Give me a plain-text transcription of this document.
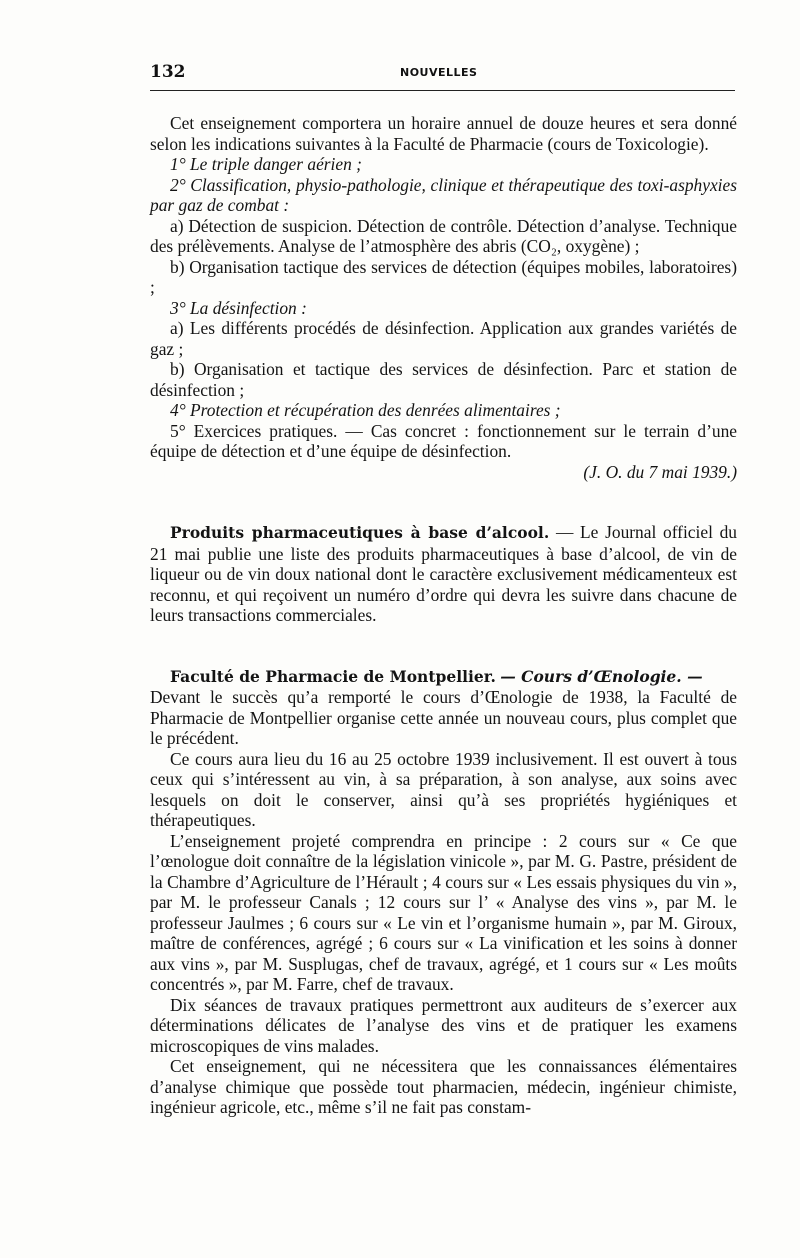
132	NOUVELLES

Cet enseignement comportera un horaire annuel de douze heures et sera donné selon les indications suivantes à la Faculté de Pharmacie (cours de Toxicologie).

1° Le triple danger aérien ;

2° Classification, physio-pathologie, clinique et thérapeutique des toxi-asphyxies par gaz de combat :

a) Détection de suspicion. Détection de contrôle. Détection d’analyse. Technique des prélèvements. Analyse de l’atmosphère des abris (CO₂, oxygène) ;

b) Organisation tactique des services de détection (équipes mobiles, laboratoires) ;

3° La désinfection :

a) Les différents procédés de désinfection. Application aux grandes variétés de gaz ;

b) Organisation et tactique des services de désinfection. Parc et station de désinfection ;

4° Protection et récupération des denrées alimentaires ;

5° Exercices pratiques. — Cas concret : fonctionnement sur le terrain d’une équipe de détection et d’une équipe de désinfection.

(J. O. du 7 mai 1939.)

Produits pharmaceutiques à base d’alcool. — Le Journal officiel du 21 mai publie une liste des produits pharmaceutiques à base d’alcool, de vin de liqueur ou de vin doux national dont le caractère exclusivement médicamenteux est reconnu, et qui reçoivent un numéro d’ordre qui devra les suivre dans chacune de leurs transactions commerciales.

Faculté de Pharmacie de Montpellier. — Cours d’Œnologie. —

Devant le succès qu’a remporté le cours d’Œnologie de 1938, la Faculté de Pharmacie de Montpellier organise cette année un nouveau cours, plus complet que le précédent.

Ce cours aura lieu du 16 au 25 octobre 1939 inclusivement. Il est ouvert à tous ceux qui s’intéressent au vin, à sa préparation, à son analyse, aux soins avec lesquels on doit le conserver, ainsi qu’à ses propriétés hygiéniques et thérapeutiques.

L’enseignement projeté comprendra en principe : 2 cours sur « Ce que l’œnologue doit connaître de la législation vinicole », par M. G. Pastre, président de la Chambre d’Agriculture de l’Hérault ; 4 cours sur « Les essais physiques du vin », par M. le professeur Canals ; 12 cours sur l’ « Analyse des vins », par M. le professeur Jaulmes ; 6 cours sur « Le vin et l’organisme humain », par M. Giroux, maître de conférences, agrégé ; 6 cours sur « La vinification et les soins à donner aux vins », par M. Susplugas, chef de travaux, agrégé, et 1 cours sur « Les moûts concentrés », par M. Farre, chef de travaux.

Dix séances de travaux pratiques permettront aux auditeurs de s’exercer aux déterminations délicates de l’analyse des vins et de pratiquer les examens microscopiques de vins malades.

Cet enseignement, qui ne nécessitera que les connaissances élémentaires d’analyse chimique que possède tout pharmacien, médecin, ingénieur chimiste, ingénieur agricole, etc., même s’il ne fait pas constam-
